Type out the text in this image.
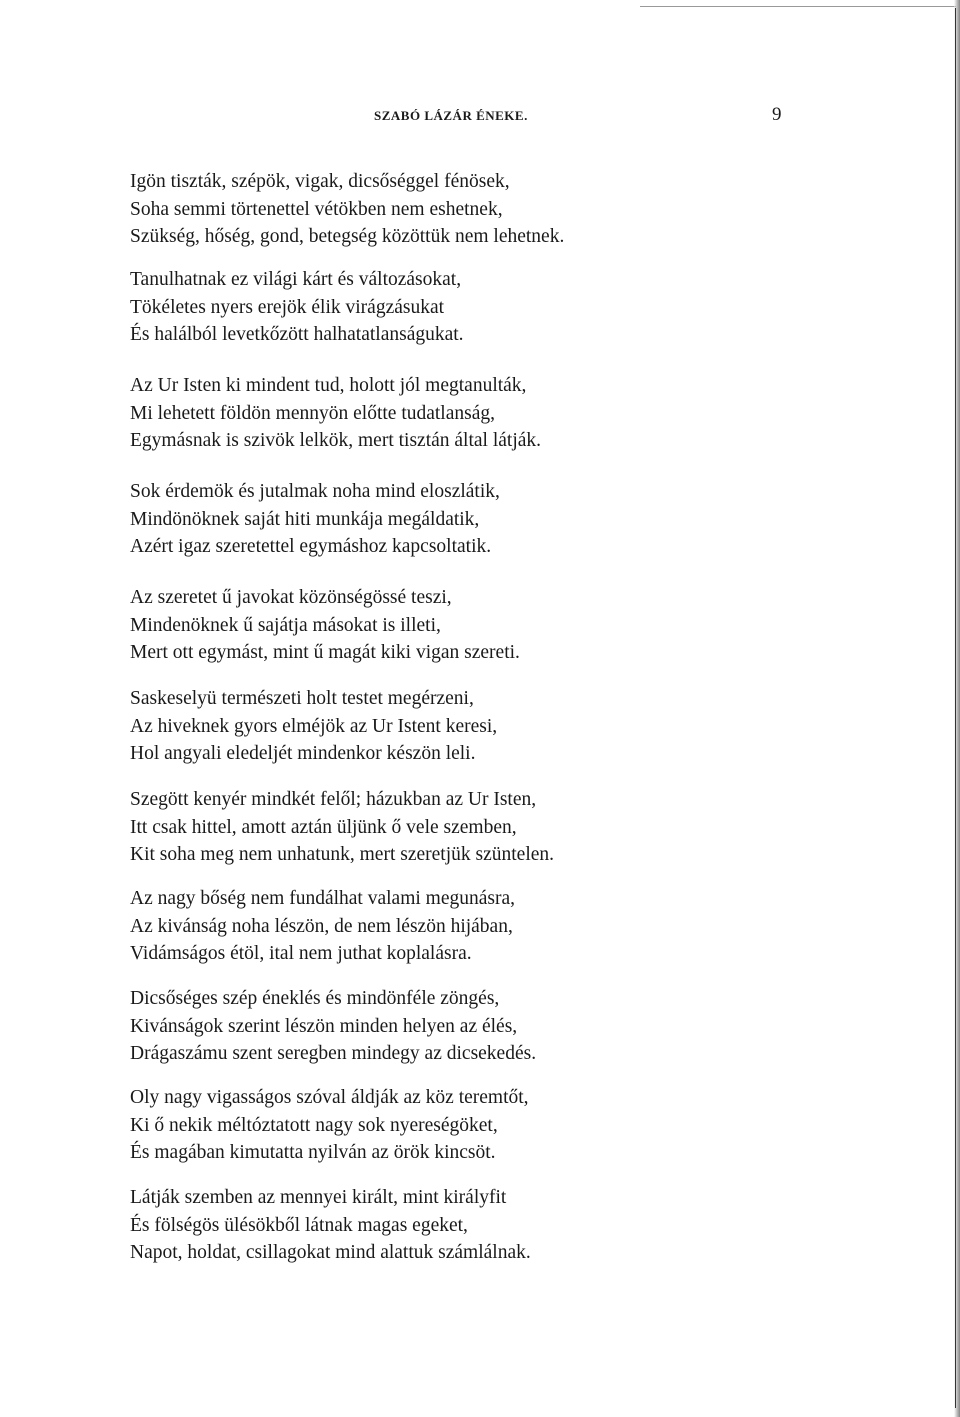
SZABÓ LÁZÁR ÉNEKE.	9
Igön tiszták, szépök, vigak, dicsőséggel fénösek,
Soha semmi törtenettel vétökben nem eshetnek,
Szükség, hőség, gond, betegség közöttük nem lehetnek.
Tanulhatnak ez világi kárt és változásokat,
Tökéletes nyers erejök élik virágzásukat
És halálból levetkőzött halhatatlanságukat.
Az Ur Isten ki mindent tud, holott jól megtanulták,
Mi lehetett földön mennyön előtte tudatlanság,
Egymásnak is szivök lelkök, mert tisztán által látják.
Sok érdemök és jutalmak noha mind eloszlátik,
Mindönöknek saját hiti munkája megáldatik,
Azért igaz szeretettel egymáshoz kapcsoltatik.
Az szeretet ű javokat közönségössé teszi,
Mindenöknek ű sajátja másokat is illeti,
Mert ott egymást, mint ű magát kiki vigan szereti.
Saskeselyü természeti holt testet megérzeni,
Az hiveknek gyors elméjök az Ur Istent keresi,
Hol angyali eledeljét mindenkor készön leli.
Szegött kenyér mindkét felől; házukban az Ur Isten,
Itt csak hittel, amott aztán üljünk ő vele szemben,
Kit soha meg nem unhatunk, mert szeretjük szüntelen.
Az nagy bőség nem fundálhat valami megunásra,
Az kivánság noha lészön, de nem lészön hijában,
Vidámságos étöl, ital nem juthat koplalásra.
Dicsőséges szép éneklés és mindönféle zöngés,
Kivánságok szerint lészön minden helyen az élés,
Drágaszámu szent seregben mindegy az dicsekedés.
Oly nagy vigasságos szóval áldják az köz teremtőt,
Ki ő nekik méltóztatott nagy sok nyereségöket,
És magában kimutatta nyilván az örök kincsöt.
Látják szemben az mennyei királt, mint királyfit
És fölségös ülésökből látnak magas egeket,
Napot, holdat, csillagokat mind alattuk számlálnak.
